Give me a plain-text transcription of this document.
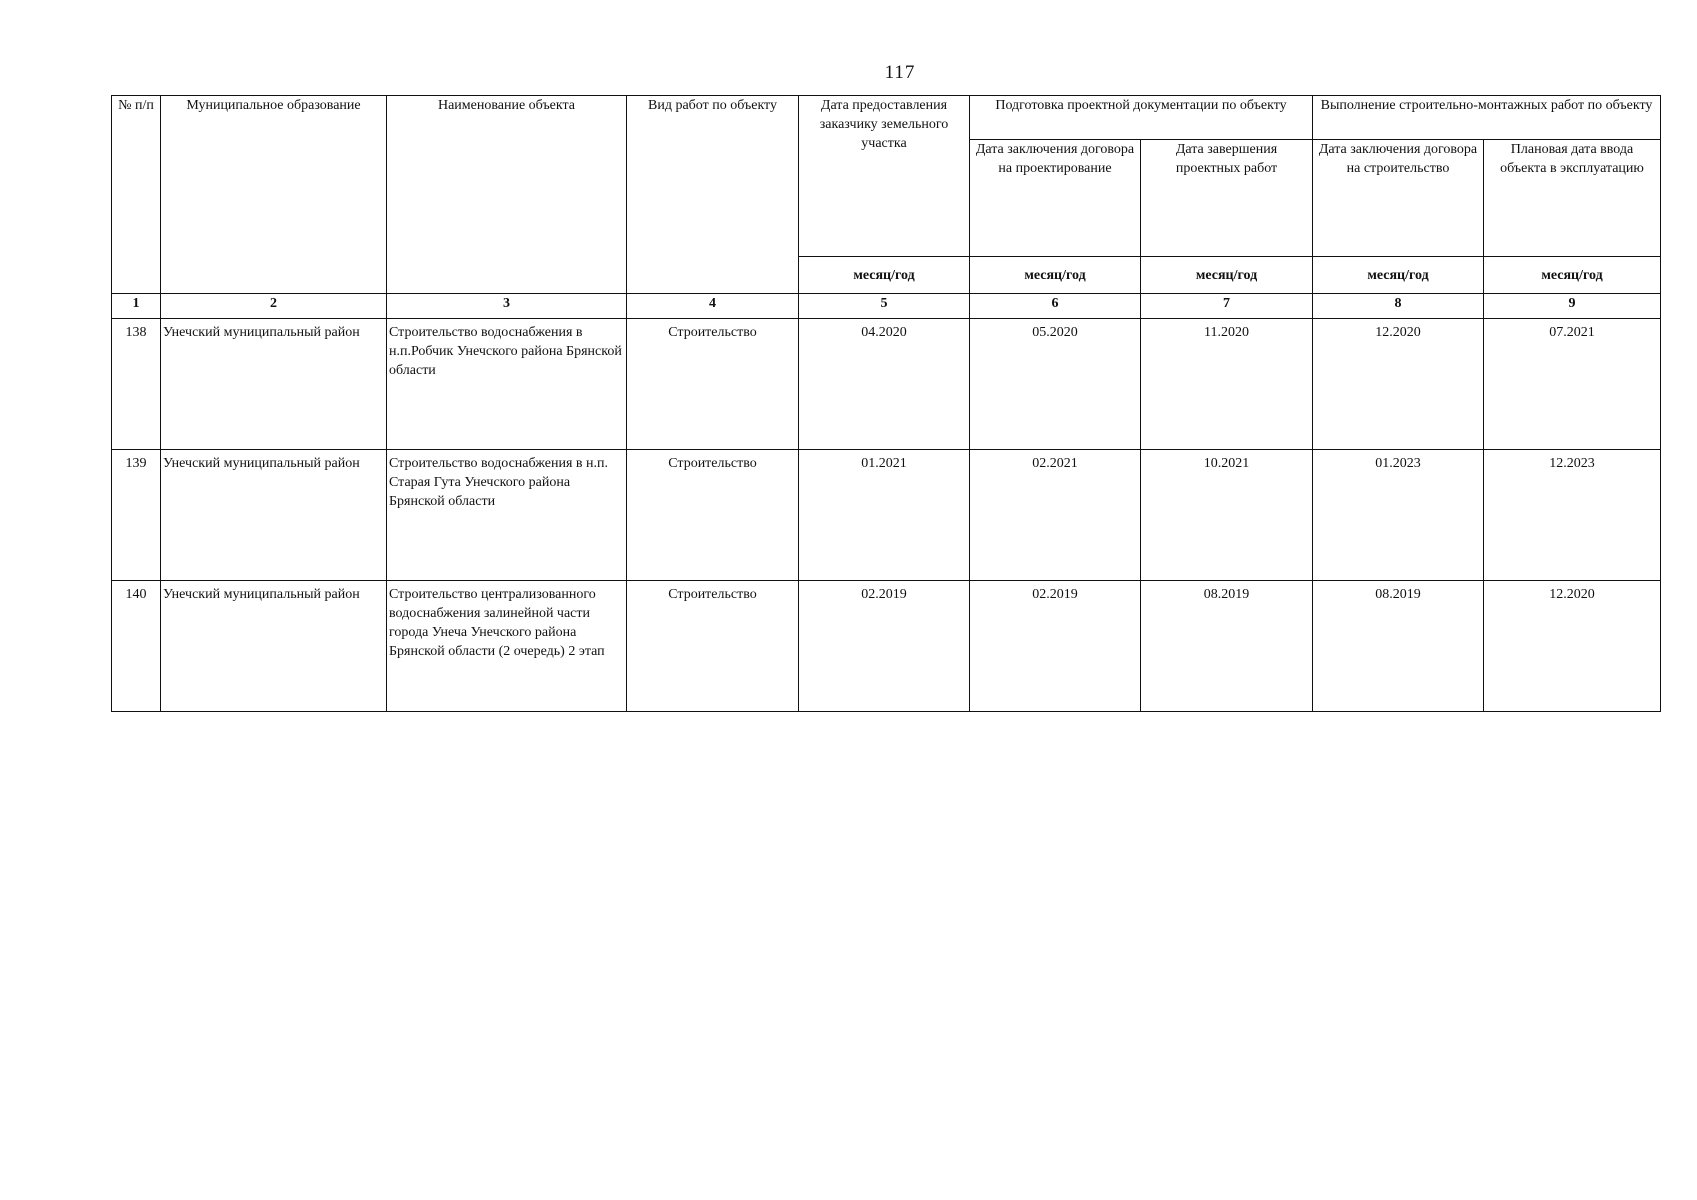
117
№ п/п	Муниципальное образование	Наименование объекта	Вид работ по объекту	Дата предоставления заказчику земельного участка	Подготовка проектной документации по объекту		Выполнение строительно-монтажных работ по объекту	
					Дата заключения договора на проектирование	Дата завершения проектных работ	Дата заключения договора на строительство	Плановая дата ввода объекта в эксплуатацию
				месяц/год	месяц/год	месяц/год	месяц/год	месяц/год
1	2	3	4	5	6	7	8	9
138	Унечский муниципальный район	Строительство водоснабжения в н.п.Робчик Унечского района Брянской области	Строительство	04.2020	05.2020	11.2020	12.2020	07.2021
139	Унечский муниципальный район	Строительство водоснабжения в н.п. Старая Гута Унечского района Брянской области	Строительство	01.2021	02.2021	10.2021	01.2023	12.2023
140	Унечский муниципальный район	Строительство централизованного водоснабжения залинейной части города Унеча Унечского района Брянской области (2 очередь) 2 этап	Строительство	02.2019	02.2019	08.2019	08.2019	12.2020
